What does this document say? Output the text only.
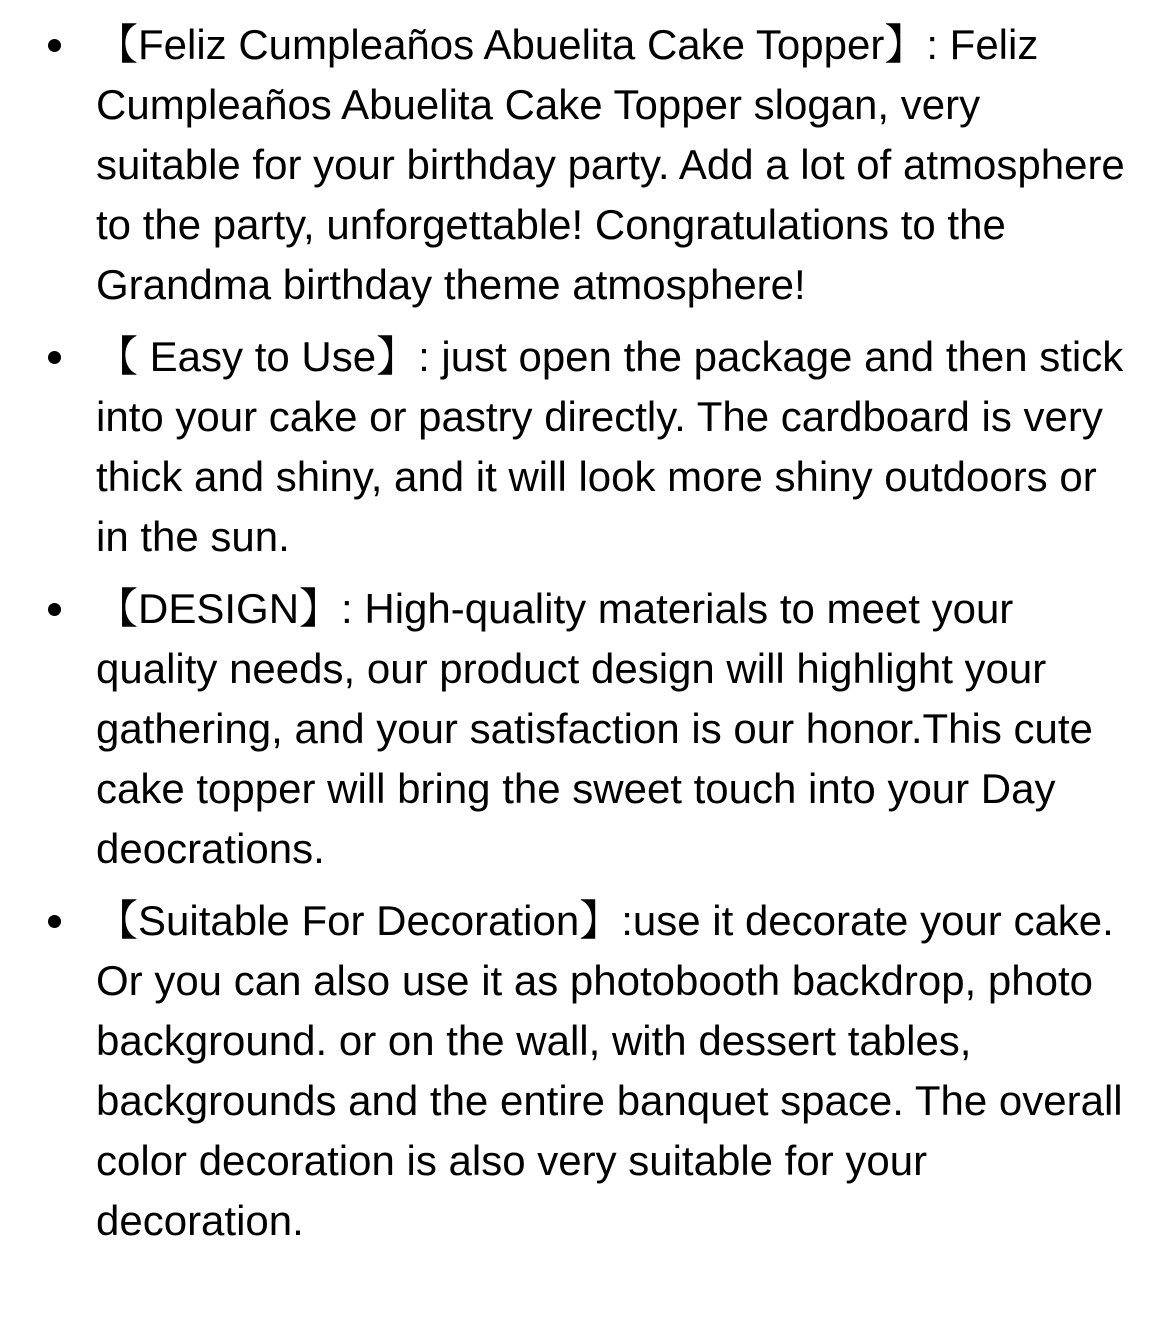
【Feliz Cumpleaños Abuelita Cake Topper】: Feliz Cumpleaños Abuelita Cake Topper slogan, very suitable for your birthday party. Add a lot of atmosphere to the party, unforgettable! Congratulations to the Grandma birthday theme atmosphere!
【 Easy to Use】: just open the package and then stick into your cake or pastry directly. The cardboard is very thick and shiny, and it will look more shiny outdoors or in the sun.
【DESIGN】: High-quality materials to meet your quality needs, our product design will highlight your gathering, and your satisfaction is our honor.This cute cake topper will bring the sweet touch into your Day deocrations.
【Suitable For Decoration】:use it decorate your cake. Or you can also use it as photobooth backdrop, photo background. or on the wall, with dessert tables, backgrounds and the entire banquet space. The overall color decoration is also very suitable for your decoration.
